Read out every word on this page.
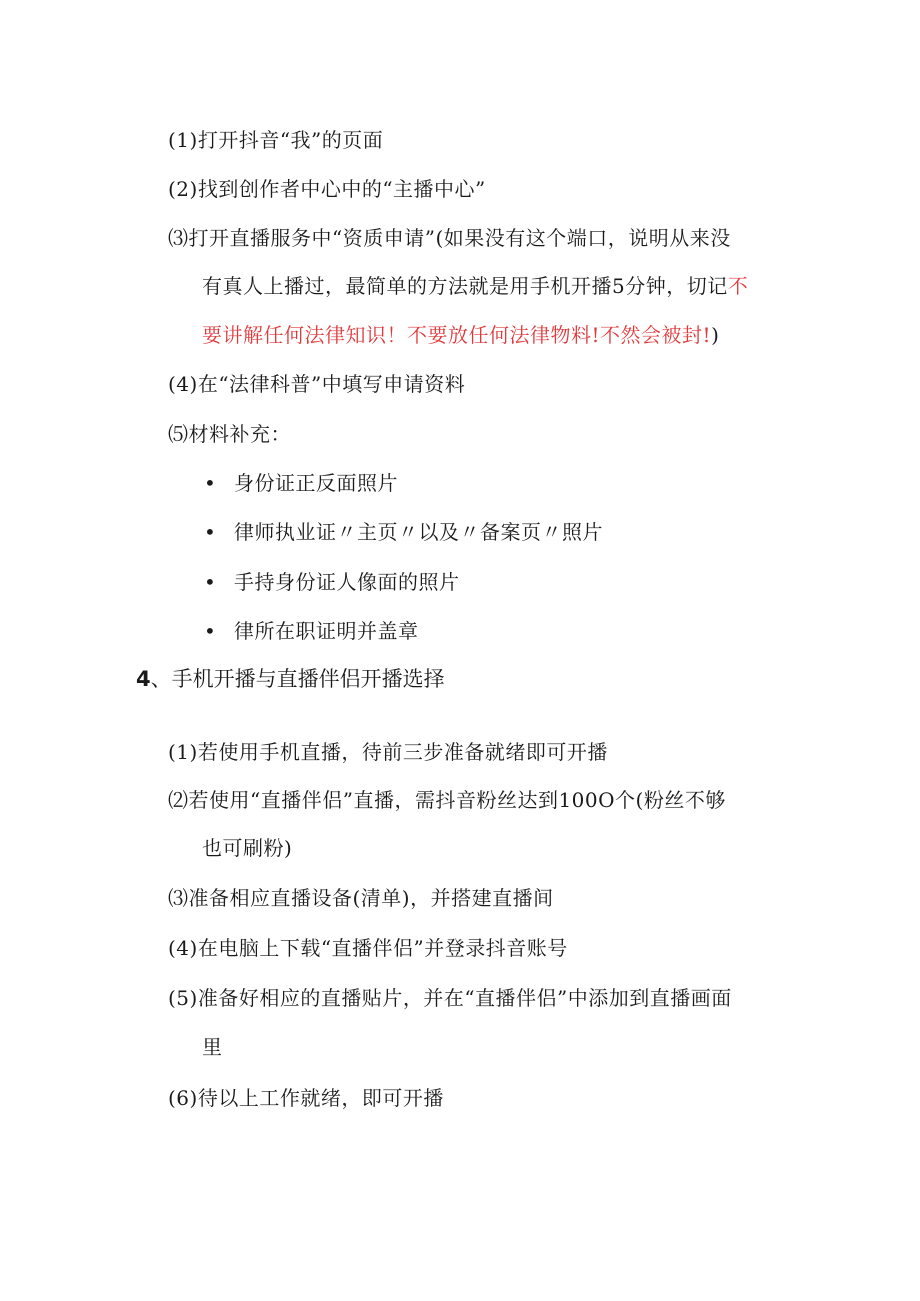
(1)打开抖音“我”的页面
(2)找到创作者中心中的“主播中心”
⑶打开直播服务中“资质申请”(如果没有这个端口，说明从来没
有真人上播过，最简单的方法就是用手机开播5分钟，切记不
要讲解任何法律知识！不要放任何法律物料!不然会被封!)
(4)在“法律科普”中填写申请资料
⑸材料补充：
• 身份证正反面照片
• 律师执业证〃主页〃以及〃备案页〃照片
• 手持身份证人像面的照片
• 律所在职证明并盖章
4、手机开播与直播伴侣开播选择
(1)若使用手机直播，待前三步准备就绪即可开播
⑵若使用“直播伴侣”直播，需抖音粉丝达到100O个(粉丝不够
也可刷粉)
⑶准备相应直播设备(清单)，并搭建直播间
(4)在电脑上下载“直播伴侣”并登录抖音账号
(5)准备好相应的直播贴片，并在“直播伴侣”中添加到直播画面
里
(6)待以上工作就绪，即可开播
